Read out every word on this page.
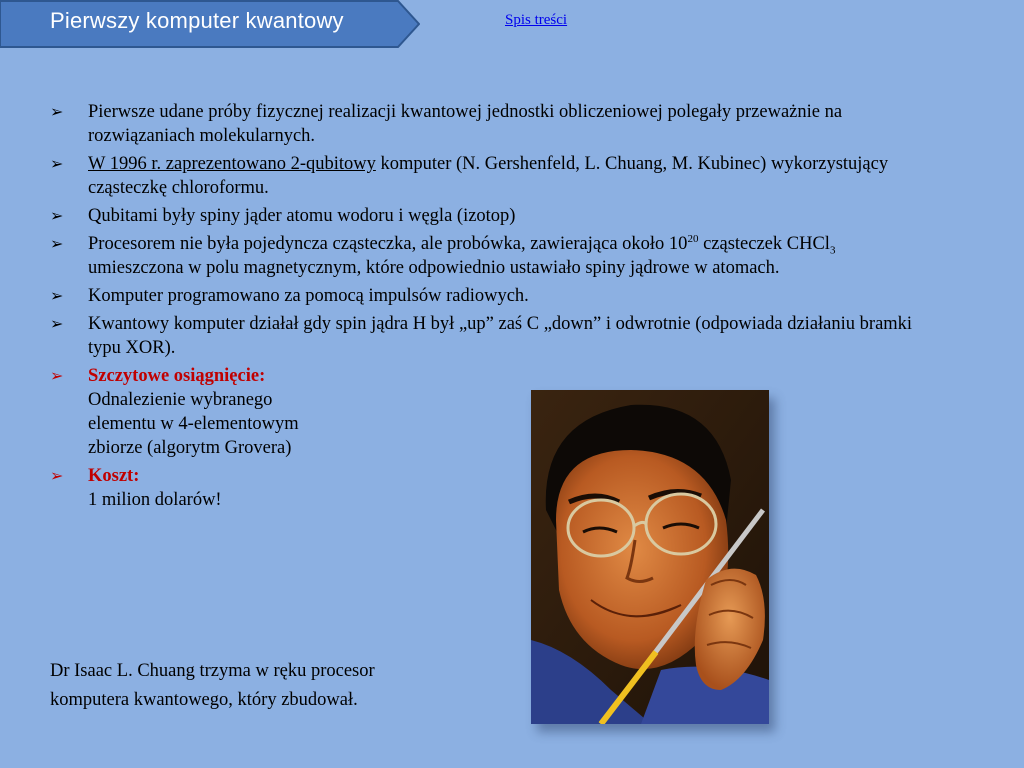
Pierwszy komputer kwantowy	Spis treści
➢ Pierwsze udane próby fizycznej realizacji kwantowej jednostki obliczeniowej polegały przeważnie na rozwiązaniach molekularnych.
➢ W 1996 r. zaprezentowano 2-qubitowy komputer (N. Gershenfeld, L. Chuang, M. Kubinec) wykorzystujący cząsteczkę chloroformu.
➢ Qubitami były spiny jąder atomu wodoru i węgla (izotop)
➢ Procesorem nie była pojedyncza cząsteczka, ale probówka, zawierająca około $10^{20}$ cząsteczek CHCl$_3$ umieszczona w polu magnetycznym, które odpowiednio ustawiało spiny jądrowe w atomach.
➢ Komputer programowano za pomocą impulsów radiowych.
➢ Kwantowy komputer działał gdy spin jądra H był „up” zaś C „down” i odwrotnie (odpowiada działaniu bramki typu XOR).
➢ Szczytowe osiągnięcie:
Odnalezienie wybranego
elementu w 4-elementowym
zbiorze (algorytm Grovera)
➢ Koszt:
1 milion dolarów!
Dr Isaac L. Chuang trzyma w ręku procesor
komputera kwantowego, który zbudował.
